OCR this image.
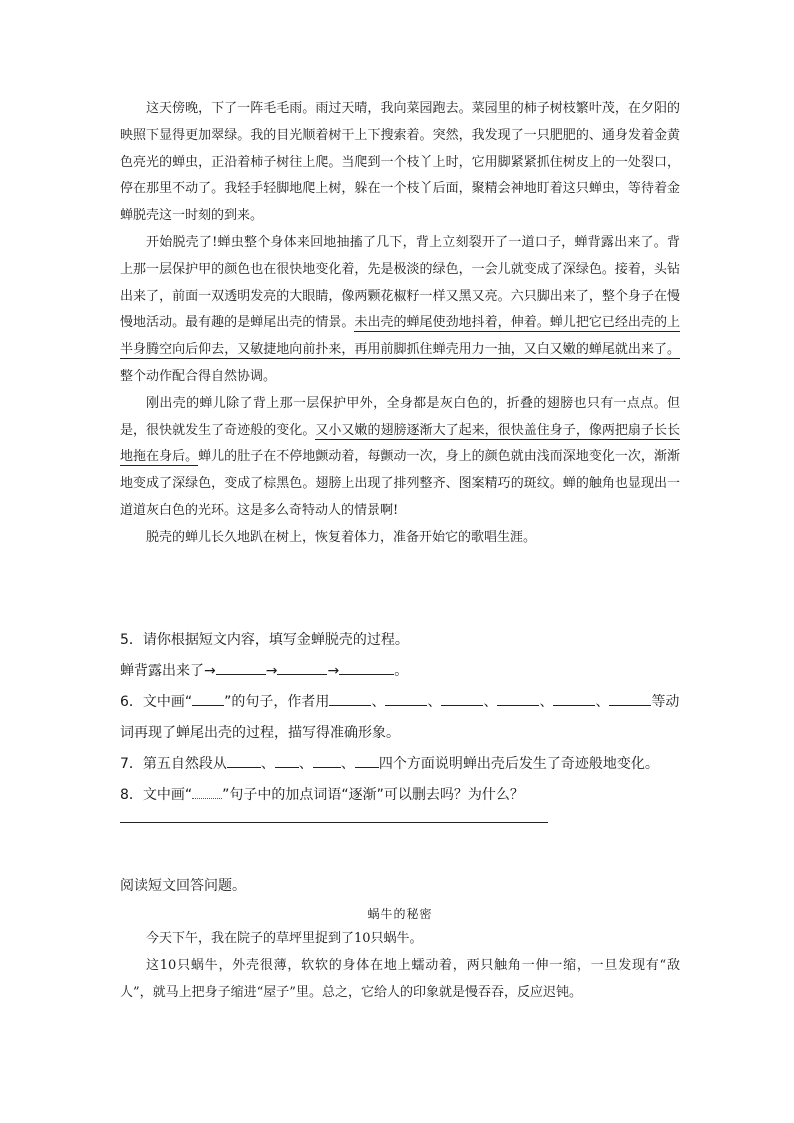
这天傍晚，下了一阵毛毛雨。雨过天晴，我向菜园跑去。菜园里的柿子树枝繁叶茂，在夕阳的映照下显得更加翠绿。我的目光顺着树干上下搜索着。突然，我发现了一只肥肥的、通身发着金黄色亮光的蝉虫，正沿着柿子树往上爬。当爬到一个枝丫上时，它用脚紧紧抓住树皮上的一处裂口，停在那里不动了。我轻手轻脚地爬上树，躲在一个枝丫后面，聚精会神地盯着这只蝉虫，等待着金蝉脱壳这一时刻的到来。

开始脱壳了!蝉虫整个身体来回地抽搐了几下，背上立刻裂开了一道口子，蝉背露出来了。背上那一层保护甲的颜色也在很快地变化着，先是极淡的绿色，一会儿就变成了深绿色。接着，头钻出来了，前面一双透明发亮的大眼睛，像两颗花椒籽一样又黑又亮。六只脚出来了，整个身子在慢慢地活动。最有趣的是蝉尾出壳的情景。未出壳的蝉尾使劲地抖着，伸着。蝉儿把它已经出壳的上半身腾空向后仰去，又敏捷地向前扑来，再用前脚抓住蝉壳用力一抽，又白又嫩的蝉尾就出来了。整个动作配合得自然协调。

刚出壳的蝉儿除了背上那一层保护甲外，全身都是灰白色的，折叠的翅膀也只有一点点。但是，很快就发生了奇迹般的变化。又小又嫩的翅膀逐渐大了起来，很快盖住身子，像两把扇子长长地拖在身后。蝉儿的肚子在不停地颤动着，每颤动一次，身上的颜色就由浅而深地变化一次，渐渐地变成了深绿色，变成了棕黑色。翅膀上出现了排列整齐、图案精巧的斑纹。蝉的触角也显现出一道道灰白色的光环。这是多么奇特动人的情景啊!

脱壳的蝉儿长久地趴在树上，恢复着体力，准备开始它的歌唱生涯。

5．请你根据短文内容，填写金蝉脱壳的过程。

蝉背露出来了→	→	→	。

6．文中画“ ”的句子，作者用	、	、	、	、	、	等动

词再现了蝉尾出壳的过程，描写得准确形象。

7．第五自然段从 、 、 、 四个方面说明蝉出壳后发生了奇迹般地变化。

8．文中画“ ”句子中的加点词语“逐渐”可以删去吗？为什么？

阅读短文回答问题。

蜗牛的秘密

今天下午，我在院子的草坪里捉到了10只蜗牛。

这10只蜗牛，外壳很薄，软软的身体在地上蠕动着，两只触角一伸一缩，一旦发现有“敌人”，就马上把身子缩进“屋子”里。总之，它给人的印象就是慢吞吞，反应迟钝。
